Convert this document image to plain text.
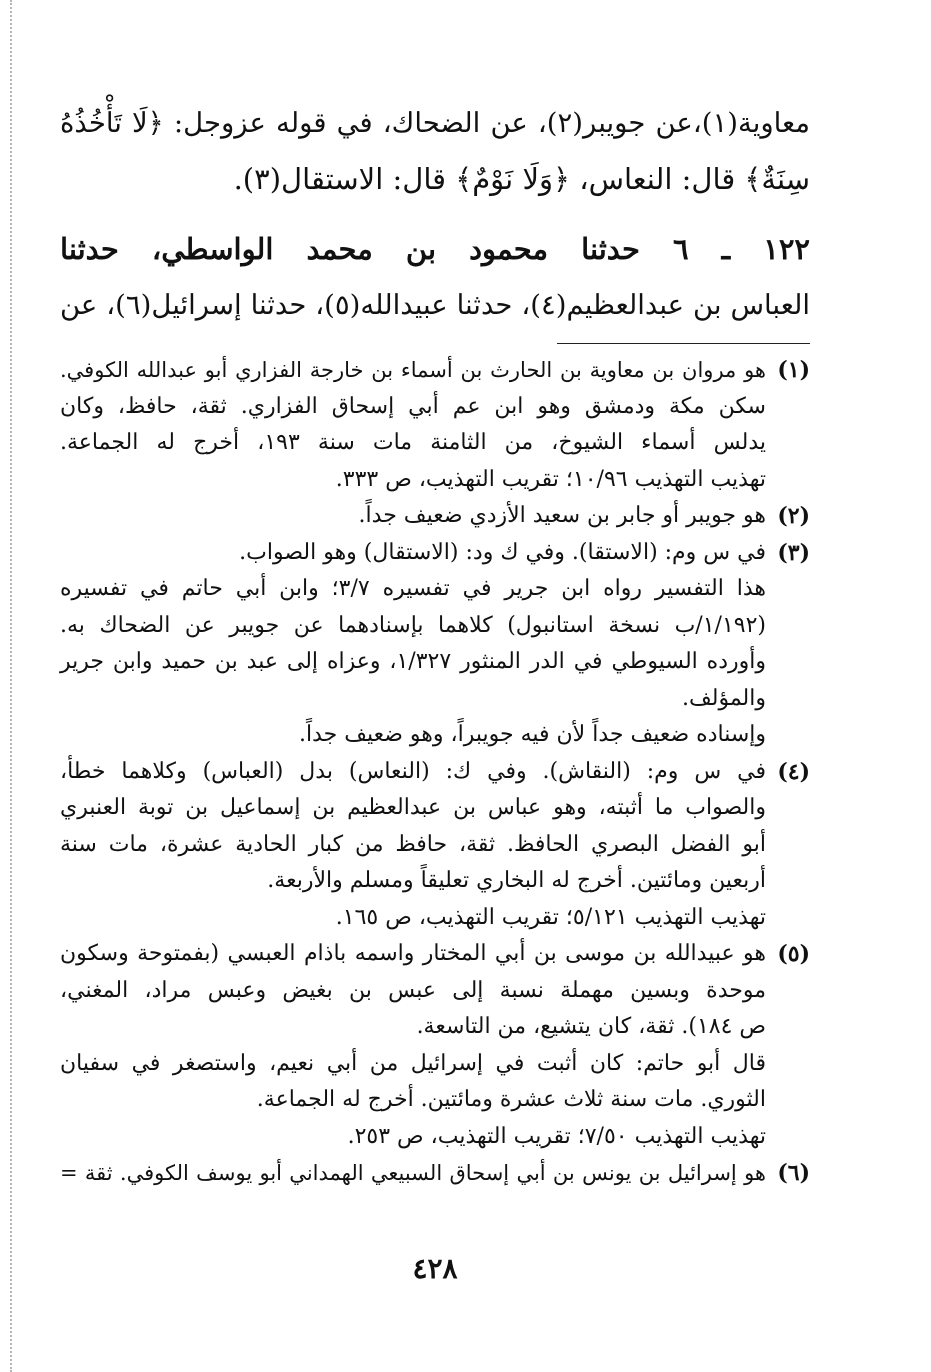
معاوية(١)،عن جويبر(٢)، عن الضحاك، في قوله عزوجل: ﴿لَا تَأْخُذُهُ
سِنَةٌ﴾ قال: النعاس، ﴿وَلَا نَوْمٌ﴾ قال: الاستقال(٣).
١٢٢ ـ ٦ حدثنا محمود بن محمد الواسطي، حدثنا
العباس بن عبدالعظيم(٤)، حدثنا عبيدالله(٥)، حدثنا إسرائيل(٦)، عن
(١)
هو مروان بن معاوية بن الحارث بن أسماء بن خارجة الفزاري أبو عبدالله الكوفي.
سكن مكة ودمشق وهو ابن عم أبي إسحاق الفزاري. ثقة، حافظ، وكان
يدلس أسماء الشيوخ، من الثامنة مات سنة ١٩٣، أخرج له الجماعة.
تهذيب التهذيب ١٠/٩٦؛ تقريب التهذيب، ص ٣٣٣.
(٢)
هو جويبر أو جابر بن سعيد الأزدي ضعيف جداً.
(٣)
في س وم: (الاستقا). وفي ك ود: (الاستقال) وهو الصواب.
هذا التفسير رواه ابن جرير في تفسيره ٣/٧؛ وابن أبي حاتم في تفسيره
(١/١٩٢/ب نسخة استانبول) كلاهما بإسنادهما عن جويبر عن الضحاك به.
وأورده السيوطي في الدر المنثور ١/٣٢٧، وعزاه إلى عبد بن حميد وابن جرير
والمؤلف.
وإسناده ضعيف جداً لأن فيه جويبراً، وهو ضعيف جداً.
(٤)
في س وم: (النقاش). وفي ك: (النعاس) بدل (العباس) وكلاهما خطأ،
والصواب ما أثبته، وهو عباس بن عبدالعظيم بن إسماعيل بن توبة العنبري
أبو الفضل البصري الحافظ. ثقة، حافظ من كبار الحادية عشرة، مات سنة
أربعين ومائتين. أخرج له البخاري تعليقاً ومسلم والأربعة.
تهذيب التهذيب ٥/١٢١؛ تقريب التهذيب، ص ١٦٥.
(٥)
هو عبيدالله بن موسى بن أبي المختار واسمه باذام العبسي (بفمتوحة وسكون
موحدة وبسين مهملة نسبة إلى عبس بن بغيض وعبس مراد، المغني،
ص ١٨٤). ثقة، كان يتشيع، من التاسعة.
قال أبو حاتم: كان أثبت في إسرائيل من أبي نعيم، واستصغر في سفيان
الثوري. مات سنة ثلاث عشرة ومائتين. أخرج له الجماعة.
تهذيب التهذيب ٧/٥٠؛ تقريب التهذيب، ص ٢٥٣.
(٦)
هو إسرائيل بن يونس بن أبي إسحاق السبيعي الهمداني أبو يوسف الكوفي. ثقة =
٤٢٨
